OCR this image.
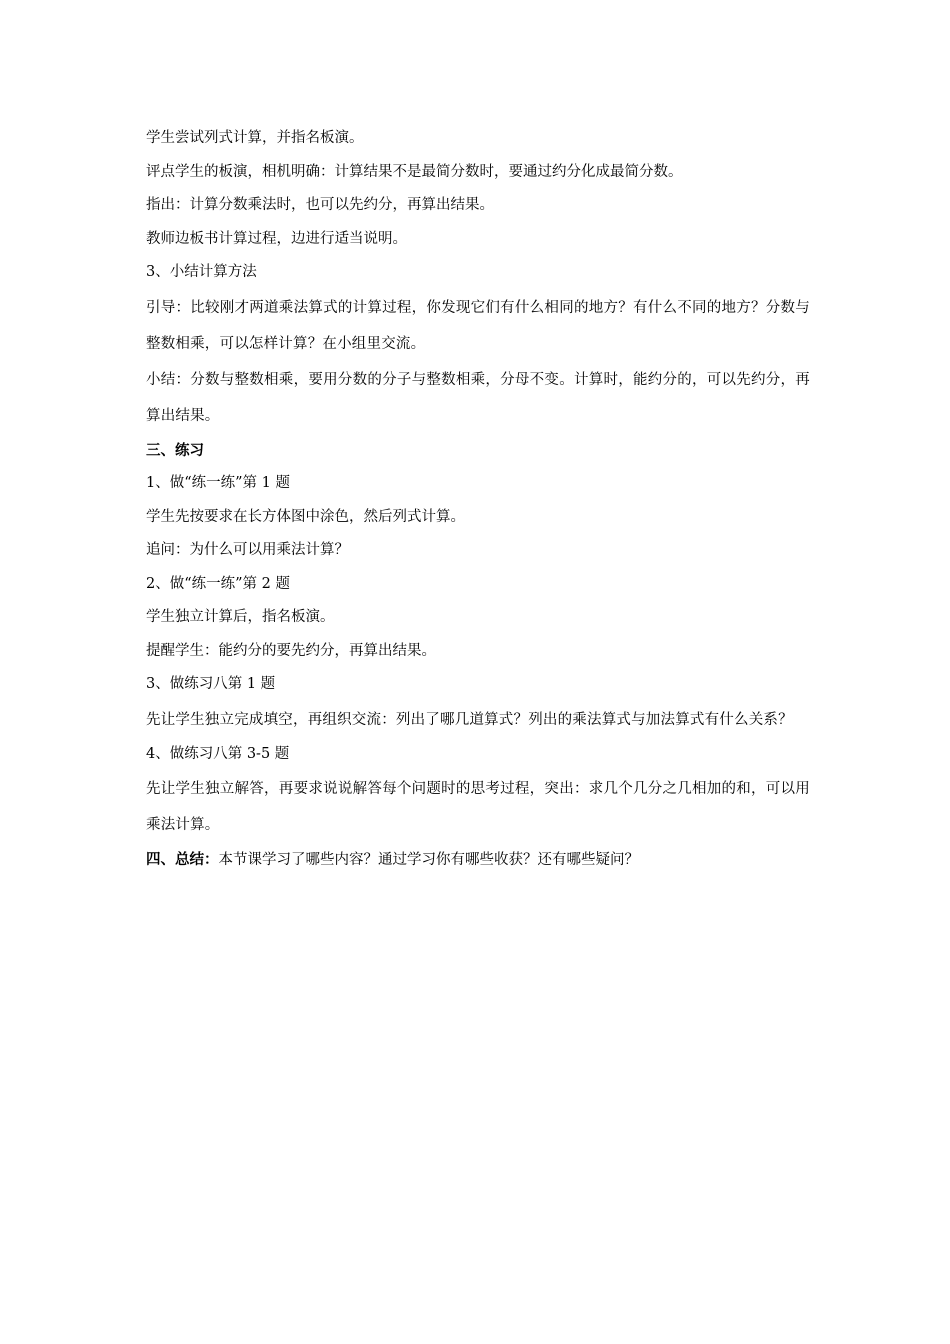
学生尝试列式计算，并指名板演。

评点学生的板演，相机明确：计算结果不是最简分数时，要通过约分化成最简分数。

指出：计算分数乘法时，也可以先约分，再算出结果。

教师边板书计算过程，边进行适当说明。

3、小结计算方法

引导：比较刚才两道乘法算式的计算过程，你发现它们有什么相同的地方？有什么不同的地方？分数与整数相乘，可以怎样计算？在小组里交流。

小结：分数与整数相乘，要用分数的分子与整数相乘，分母不变。计算时，能约分的，可以先约分，再算出结果。

三、练习

1、做“练一练”第 1 题

学生先按要求在长方体图中涂色，然后列式计算。

追问：为什么可以用乘法计算？

2、做“练一练”第 2 题

学生独立计算后，指名板演。

提醒学生：能约分的要先约分，再算出结果。

3、做练习八第 1 题

先让学生独立完成填空，再组织交流：列出了哪几道算式？列出的乘法算式与加法算式有什么关系？

4、做练习八第 3-5 题

先让学生独立解答，再要求说说解答每个问题时的思考过程，突出：求几个几分之几相加的和，可以用乘法计算。

四、总结：本节课学习了哪些内容？通过学习你有哪些收获？还有哪些疑问？
